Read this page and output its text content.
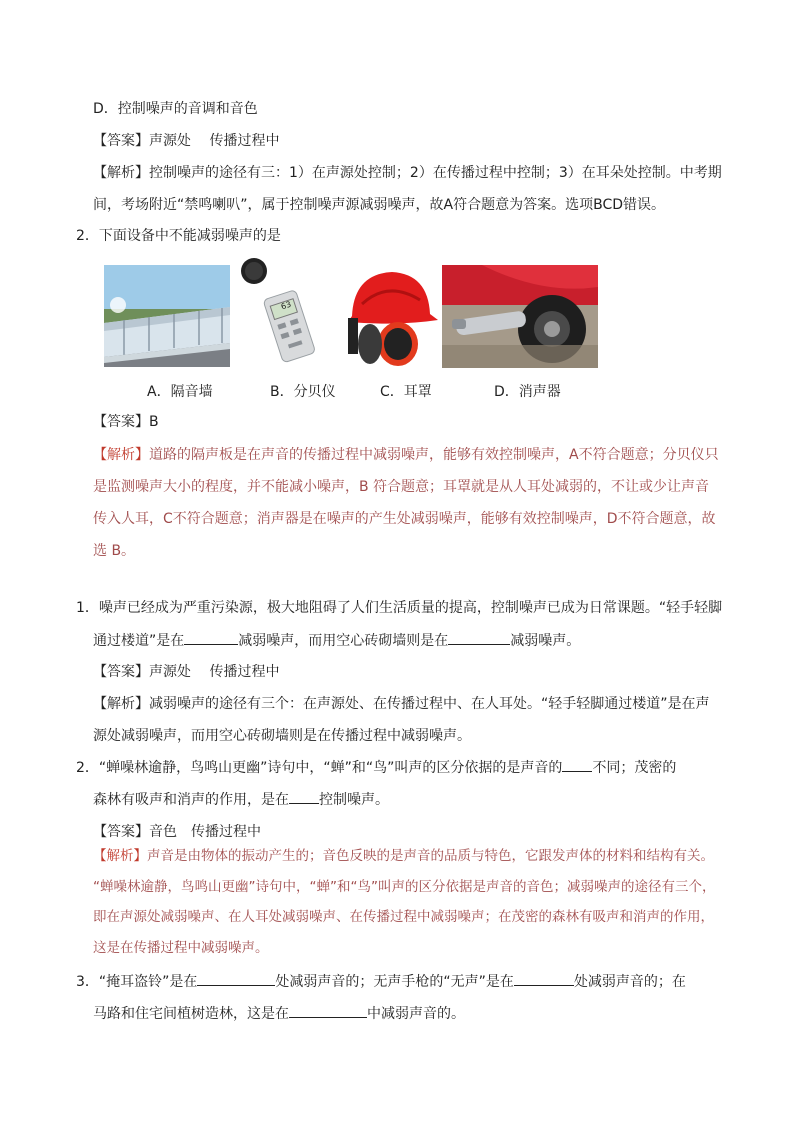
D．控制噪声的音调和音色
【答案】声源处　 传播过程中
【解析】控制噪声的途径有三：1）在声源处控制；2）在传播过程中控制；3）在耳朵处控制。中考期
间，考场附近“禁鸣喇叭”，属于控制噪声源减弱噪声，故A符合题意为答案。选项BCD错误。
2．下面设备中不能减弱噪声的是
63
A．隔音墙	B．分贝仪	C．耳罩	D．消声器
【答案】B
【解析】道路的隔声板是在声音的传播过程中减弱噪声，能够有效控制噪声，A不符合题意；分贝仪只
是监测噪声大小的程度，并不能减小噪声，B 符合题意；耳罩就是从人耳处减弱的，不让或少让声音
传入人耳，C不符合题意；消声器是在噪声的产生处减弱噪声，能够有效控制噪声，D不符合题意，故
选 B。
1．噪声已经成为严重污染源，极大地阻碍了人们生活质量的提高，控制噪声已成为日常课题。“轻手轻脚
通过楼道”是在	减弱噪声，而用空心砖砌墙则是在	减弱噪声。
【答案】声源处　 传播过程中
【解析】减弱噪声的途径有三个：在声源处、在传播过程中、在人耳处。“轻手轻脚通过楼道”是在声
源处减弱噪声，而用空心砖砌墙则是在传播过程中减弱噪声。
2．“蝉噪林逾静，鸟鸣山更幽”诗句中，“蝉”和“鸟”叫声的区分依据的是声音的 不同；茂密的
森林有吸声和消声的作用，是在 控制噪声。
【答案】音色　传播过程中
【解析】声音是由物体的振动产生的；音色反映的是声音的品质与特色，它跟发声体的材料和结构有关。
“蝉噪林逾静，鸟鸣山更幽”诗句中，“蝉”和“鸟”叫声的区分依据是声音的音色；减弱噪声的途径有三个，
即在声源处减弱噪声、在人耳处减弱噪声、在传播过程中减弱噪声；在茂密的森林有吸声和消声的作用，
这是在传播过程中减弱噪声。
3．“掩耳盗铃”是在	处减弱声音的；无声手枪的“无声”是在	处减弱声音的；在
马路和住宅间植树造林，这是在	中减弱声音的。
